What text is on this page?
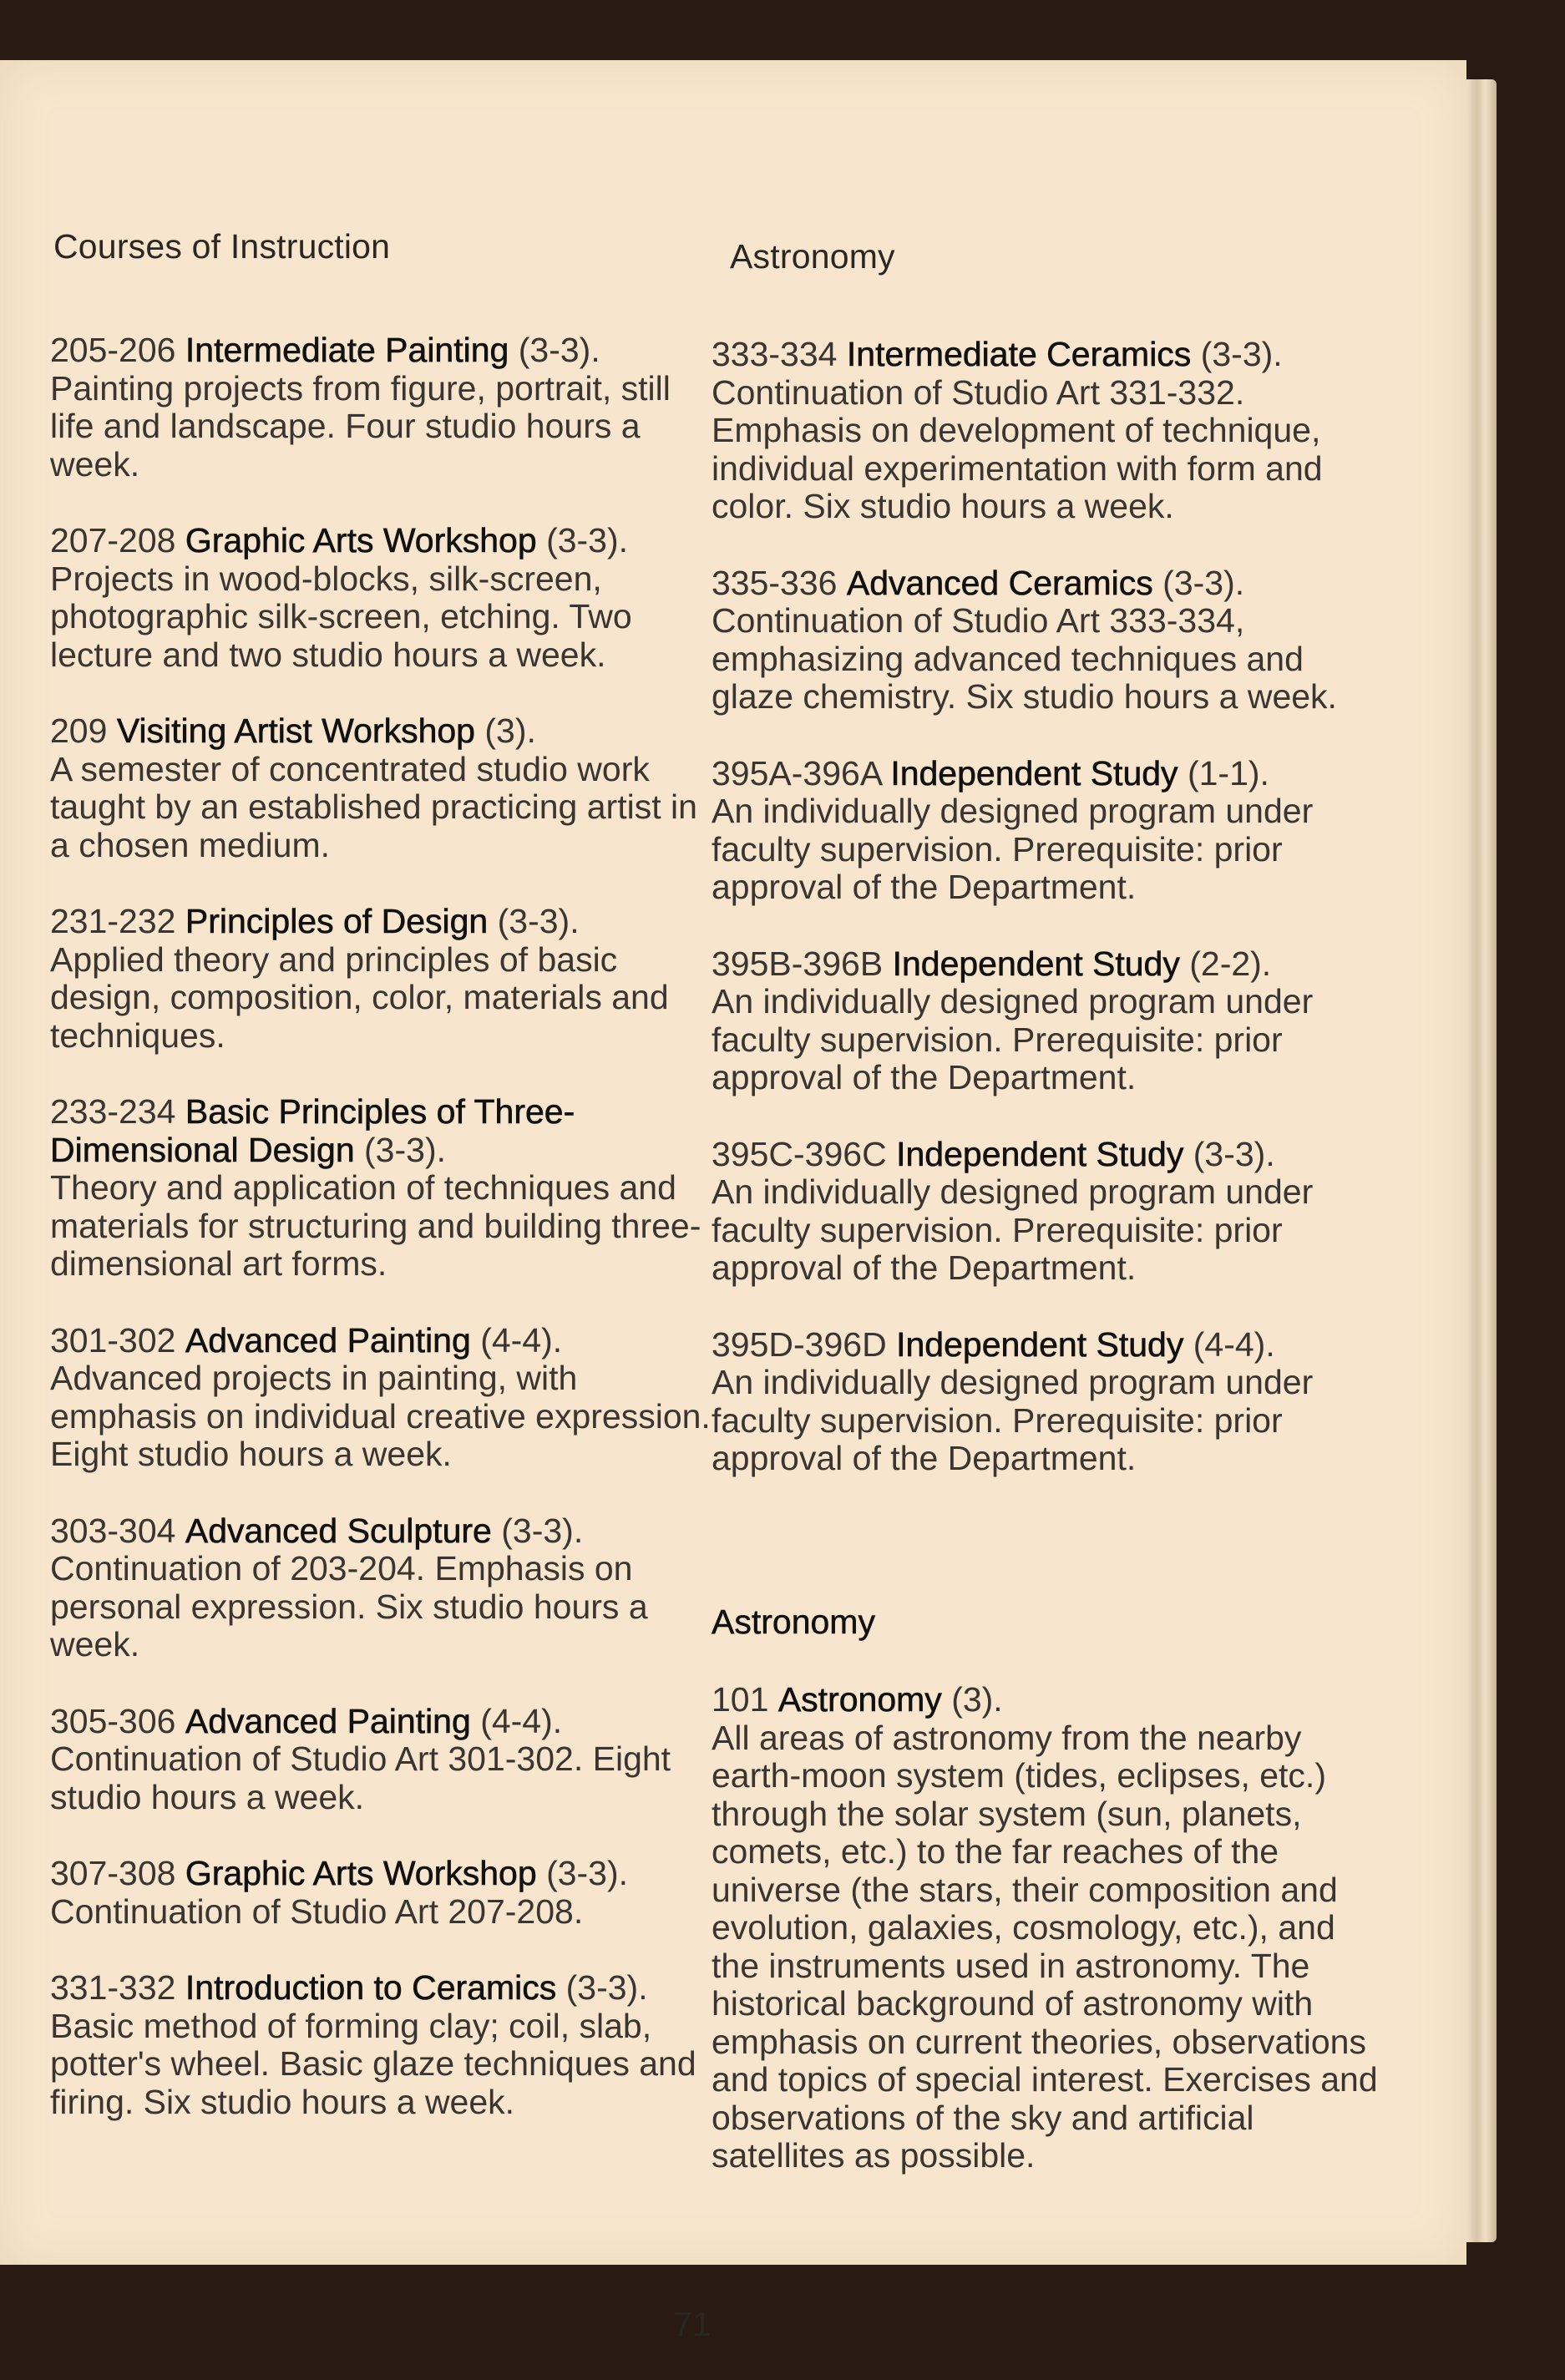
Courses of Instruction	Astronomy
205-206 Intermediate Painting (3-3).
Painting projects from figure, portrait, still life and landscape. Four studio hours a week.
207-208 Graphic Arts Workshop (3-3).
Projects in wood-blocks, silk-screen, photographic silk-screen, etching. Two lecture and two studio hours a week.
209 Visiting Artist Workshop (3).
A semester of concentrated studio work taught by an established practicing artist in a chosen medium.
231-232 Principles of Design (3-3).
Applied theory and principles of basic design, composition, color, materials and techniques.
233-234 Basic Principles of Three-Dimensional Design (3-3).
Theory and application of techniques and materials for structuring and building three-dimensional art forms.
301-302 Advanced Painting (4-4).
Advanced projects in painting, with emphasis on individual creative expression. Eight studio hours a week.
303-304 Advanced Sculpture (3-3).
Continuation of 203-204. Emphasis on personal expression. Six studio hours a week.
305-306 Advanced Painting (4-4).
Continuation of Studio Art 301-302. Eight studio hours a week.
307-308 Graphic Arts Workshop (3-3).
Continuation of Studio Art 207-208.
331-332 Introduction to Ceramics (3-3).
Basic method of forming clay; coil, slab, potter's wheel. Basic glaze techniques and firing. Six studio hours a week.
333-334 Intermediate Ceramics (3-3).
Continuation of Studio Art 331-332. Emphasis on development of technique, individual experimentation with form and color. Six studio hours a week.
335-336 Advanced Ceramics (3-3).
Continuation of Studio Art 333-334, emphasizing advanced techniques and glaze chemistry. Six studio hours a week.
395A-396A Independent Study (1-1).
An individually designed program under faculty supervision. Prerequisite: prior approval of the Department.
395B-396B Independent Study (2-2).
An individually designed program under faculty supervision. Prerequisite: prior approval of the Department.
395C-396C Independent Study (3-3).
An individually designed program under faculty supervision. Prerequisite: prior approval of the Department.
395D-396D Independent Study (4-4).
An individually designed program under faculty supervision. Prerequisite: prior approval of the Department.
Astronomy
101 Astronomy (3).
All areas of astronomy from the nearby earth-moon system (tides, eclipses, etc.) through the solar system (sun, planets, comets, etc.) to the far reaches of the universe (the stars, their composition and evolution, galaxies, cosmology, etc.), and the instruments used in astronomy. The historical background of astronomy with emphasis on current theories, observations and topics of special interest. Exercises and observations of the sky and artificial satellites as possible.
71
